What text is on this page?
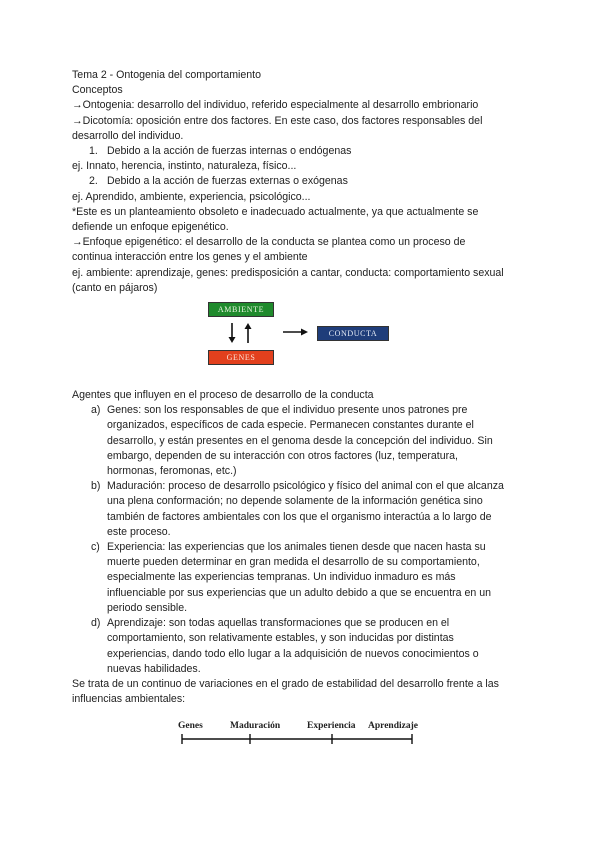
Tema 2 - Ontogenia del comportamiento
Conceptos
→Ontogenia: desarrollo del individuo, referido especialmente al desarrollo embrionario
→Dicotomía: oposición entre dos factores. En este caso, dos factores responsables del
desarrollo del individuo.
1. Debido a la acción de fuerzas internas o endógenas
ej. Innato, herencia, instinto, naturaleza, físico...
2. Debido a la acción de fuerzas externas o exógenas
ej. Aprendido, ambiente, experiencia, psicológico...
*Este es un planteamiento obsoleto e inadecuado actualmente, ya que actualmente se
defiende un enfoque epigenético.
→Enfoque epigenético: el desarrollo de la conducta se plantea como un proceso de
continua interacción entre los genes y el ambiente
ej. ambiente: aprendizaje, genes: predisposición a cantar, conducta: comportamiento sexual
(canto en pájaros)
AMBIENTE
GENES
CONDUCTA
Agentes que influyen en el proceso de desarrollo de la conducta
a) Genes: son los responsables de que el individuo presente unos patrones pre
organizados, específicos de cada especie. Permanecen constantes durante el
desarrollo, y están presentes en el genoma desde la concepción del individuo. Sin
embargo, dependen de su interacción con otros factores (luz, temperatura,
hormonas, feromonas, etc.)
b) Maduración: proceso de desarrollo psicológico y físico del animal con el que alcanza
una plena conformación; no depende solamente de la información genética sino
también de factores ambientales con los que el organismo interactúa a lo largo de
este proceso.
c) Experiencia: las experiencias que los animales tienen desde que nacen hasta su
muerte pueden determinar en gran medida el desarrollo de su comportamiento,
especialmente las experiencias tempranas. Un individuo inmaduro es más
influenciable por sus experiencias que un adulto debido a que se encuentra en un
periodo sensible.
d) Aprendizaje: son todas aquellas transformaciones que se producen en el
comportamiento, son relativamente estables, y son inducidas por distintas
experiencias, dando todo ello lugar a la adquisición de nuevos conocimientos o
nuevas habilidades.
Se trata de un continuo de variaciones en el grado de estabilidad del desarrollo frente a las
influencias ambientales:
Genes	Maduración	Experiencia Aprendizaje
